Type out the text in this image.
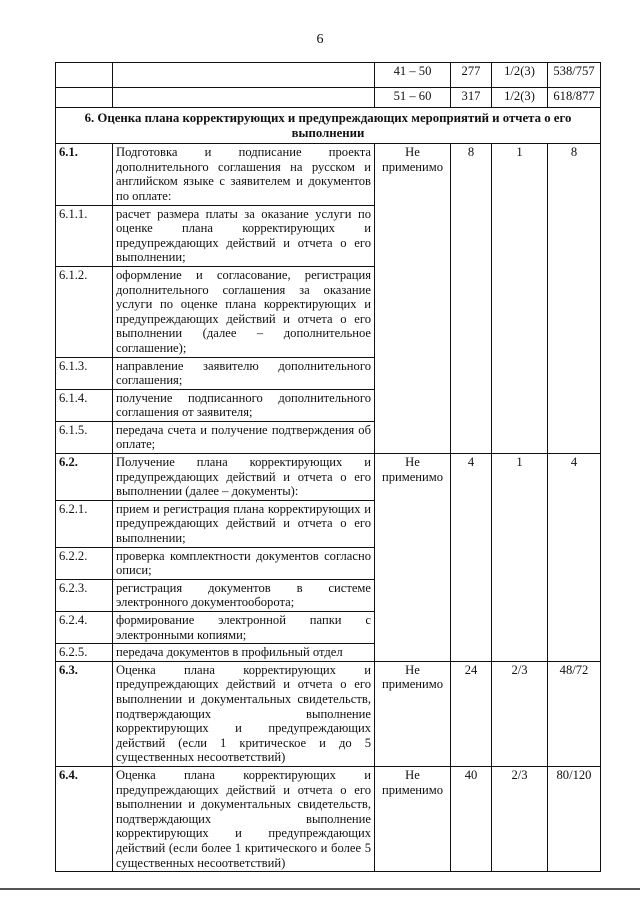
6
		41 – 50	277	1/2(3)	538/757
		51 – 60	317	1/2(3)	618/877
6. Оценка плана корректирующих и предупреждающих мероприятий и отчета о его выполнении					
6.1.	Подготовка и подписание проекта дополнительного соглашения на русском и английском языке с заявителем и документов по оплате:	Не применимо	8	1	8
6.1.1.	расчет размера платы за оказание услуги по оценке плана корректирующих и предупреждающих действий и отчета о его выполнении;				
6.1.2.	оформление и согласование, регистрация дополнительного соглашения за оказание услуги по оценке плана корректирующих и предупреждающих действий и отчета о его выполнении (далее – дополнительное соглашение);				
6.1.3.	направление заявителю дополнительного соглашения;				
6.1.4.	получение подписанного дополнительного соглашения от заявителя;				
6.1.5.	передача счета и получение подтверждения об оплате;				
6.2.	Получение плана корректирующих и предупреждающих действий и отчета о его выполнении (далее – документы):	Не применимо	4	1	4
6.2.1.	прием и регистрация плана корректирующих и предупреждающих действий и отчета о его выполнении;				
6.2.2.	проверка комплектности документов согласно описи;				
6.2.3.	регистрация документов в системе электронного документооборота;				
6.2.4.	формирование электронной папки с электронными копиями;				
6.2.5.	передача документов в профильный отдел				
6.3.	Оценка плана корректирующих и предупреждающих действий и отчета о его выполнении и документальных свидетельств, подтверждающих выполнение корректирующих и предупреждающих действий (если 1 критическое и до 5 существенных несоответствий)	Не применимо	24	2/3	48/72
6.4.	Оценка плана корректирующих и предупреждающих действий и отчета о его выполнении и документальных свидетельств, подтверждающих выполнение корректирующих и предупреждающих действий (если более 1 критического и более 5 существенных несоответствий)	Не применимо	40	2/3	80/120
